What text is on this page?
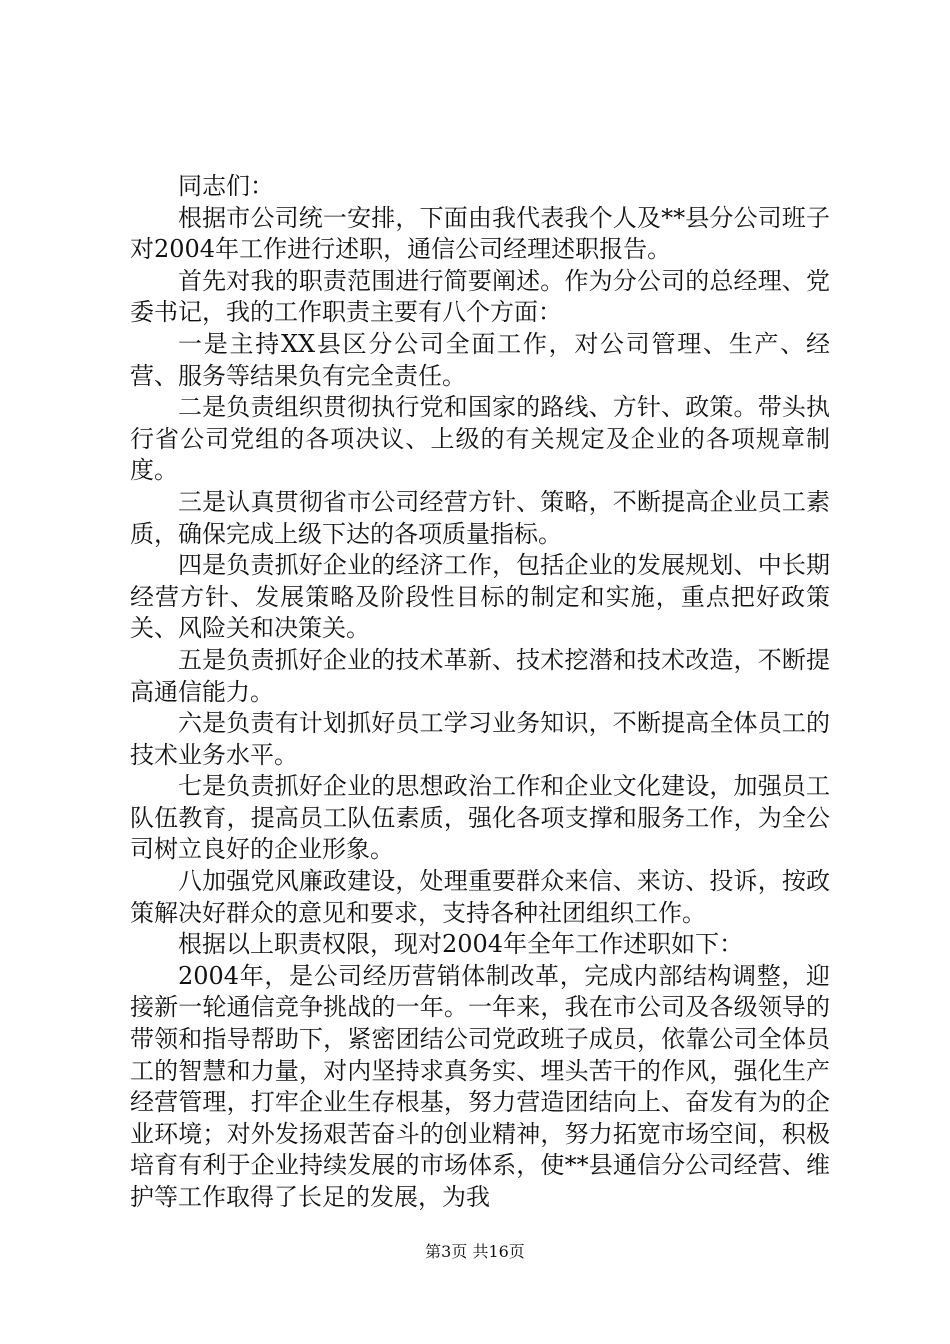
同志们：

根据市公司统一安排，下面由我代表我个人及**县分公司班子对2004年工作进行述职，通信公司经理述职报告。

首先对我的职责范围进行简要阐述。作为分公司的总经理、党委书记，我的工作职责主要有八个方面：

一是主持XX县区分公司全面工作，对公司管理、生产、经营、服务等结果负有完全责任。

二是负责组织贯彻执行党和国家的路线、方针、政策。带头执行省公司党组的各项决议、上级的有关规定及企业的各项规章制度。

三是认真贯彻省市公司经营方针、策略，不断提高企业员工素质，确保完成上级下达的各项质量指标。

四是负责抓好企业的经济工作，包括企业的发展规划、中长期经营方针、发展策略及阶段性目标的制定和实施，重点把好政策关、风险关和决策关。

五是负责抓好企业的技术革新、技术挖潜和技术改造，不断提高通信能力。

六是负责有计划抓好员工学习业务知识，不断提高全体员工的技术业务水平。

七是负责抓好企业的思想政治工作和企业文化建设，加强员工队伍教育，提高员工队伍素质，强化各项支撑和服务工作，为全公司树立良好的企业形象。

八加强党风廉政建设，处理重要群众来信、来访、投诉，按政策解决好群众的意见和要求，支持各种社团组织工作。

根据以上职责权限，现对2004年全年工作述职如下：

2004年，是公司经历营销体制改革，完成内部结构调整，迎接新一轮通信竞争挑战的一年。一年来，我在市公司及各级领导的带领和指导帮助下，紧密团结公司党政班子成员，依靠公司全体员工的智慧和力量，对内坚持求真务实、埋头苦干的作风，强化生产经营管理，打牢企业生存根基，努力营造团结向上、奋发有为的企业环境；对外发扬艰苦奋斗的创业精神，努力拓宽市场空间，积极培育有利于企业持续发展的市场体系，使**县通信分公司经营、维护等工作取得了长足的发展，为我

第3页 共16页
